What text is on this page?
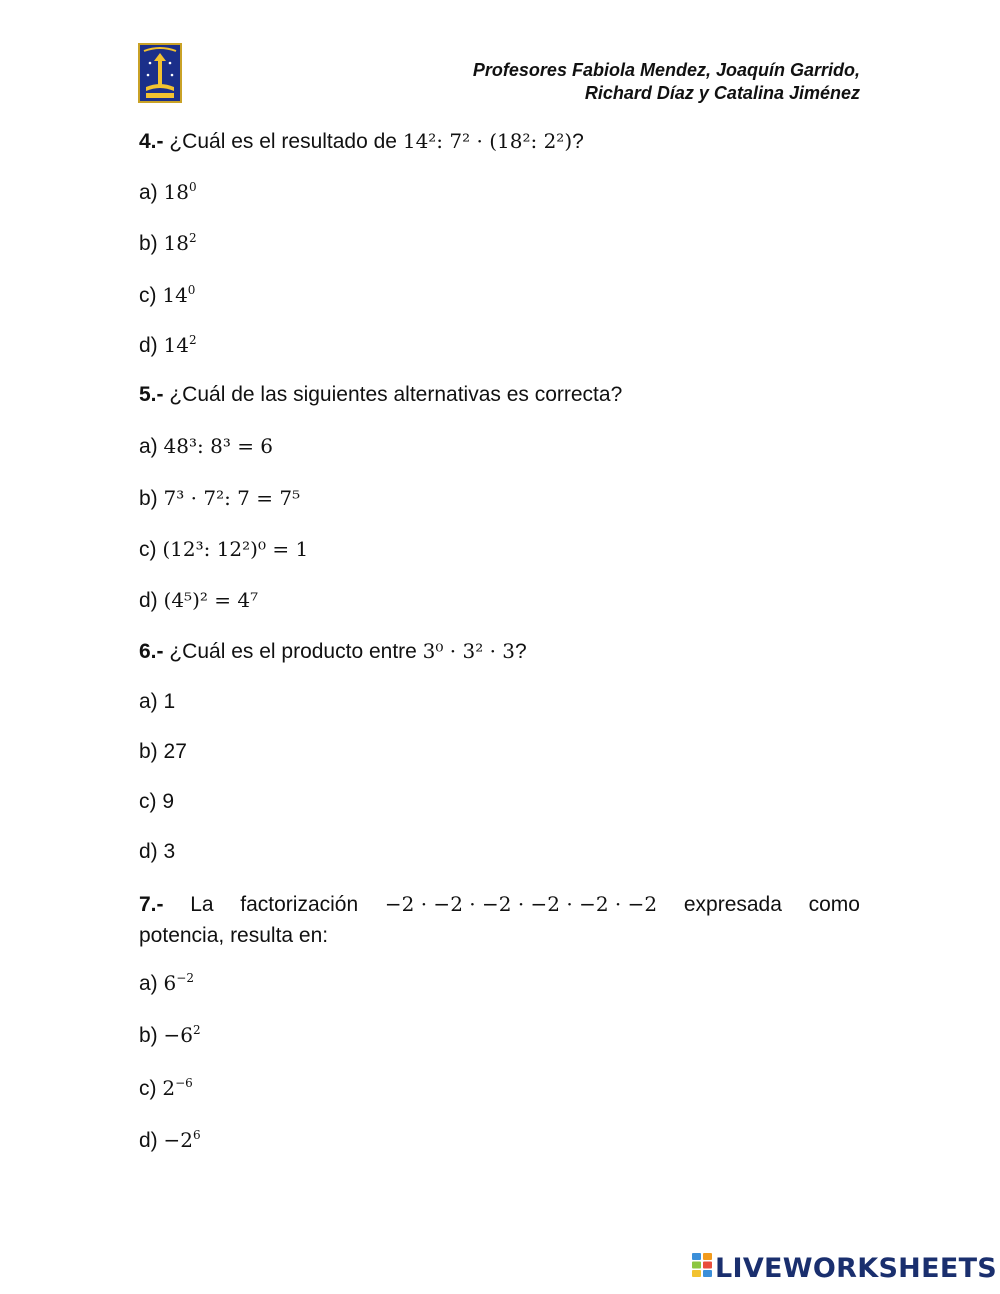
Profesores Fabiola Mendez, Joaquín Garrido,
Richard Díaz y Catalina Jiménez
4.- ¿Cuál es el resultado de 14²: 7² · (18²: 2²)?
a) $18^0$
b) $18^2$
c) $14^0$
d) $14^2$
5.- ¿Cuál de las siguientes alternativas es correcta?
a) 48³: 8³ = 6
b) 7³ · 7²: 7 = 7⁵
c) (12³: 12²)⁰ = 1
d) (4⁵)² = 4⁷
6.- ¿Cuál es el producto entre 3⁰ · 3² · 3?
a) 1
b) 27
c) 9
d) 3
7.- La factorización −2 · −2 · −2 · −2 · −2 · −2 expresada como
potencia, resulta en:
a) $6^{-2}$
$b) -6^2$
c) $2^{-6}$
$d) -2^6$
LIVEWORKSHEETS
